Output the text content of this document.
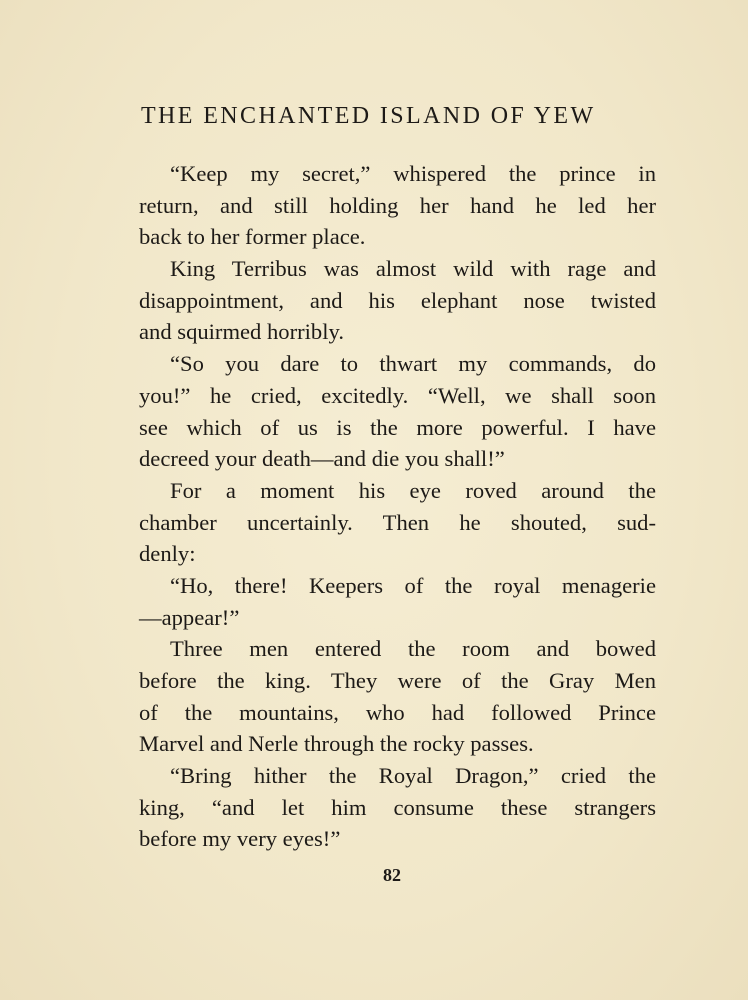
THE ENCHANTED ISLAND OF YEW
“Keep my secret,” whispered the prince in
return, and still holding her hand he led her
back to her former place.
King Terribus was almost wild with rage and
disappointment, and his elephant nose twisted
and squirmed horribly.
“So you dare to thwart my commands, do
you!” he cried, excitedly. “Well, we shall soon
see which of us is the more powerful. I have
decreed your death—and die you shall!”
For a moment his eye roved around the
chamber uncertainly. Then he shouted, sud-
denly:
“Ho, there! Keepers of the royal menagerie
—appear!”
Three men entered the room and bowed
before the king. They were of the Gray Men
of the mountains, who had followed Prince
Marvel and Nerle through the rocky passes.
“Bring hither the Royal Dragon,” cried the
king, “and let him consume these strangers
before my very eyes!”
82
